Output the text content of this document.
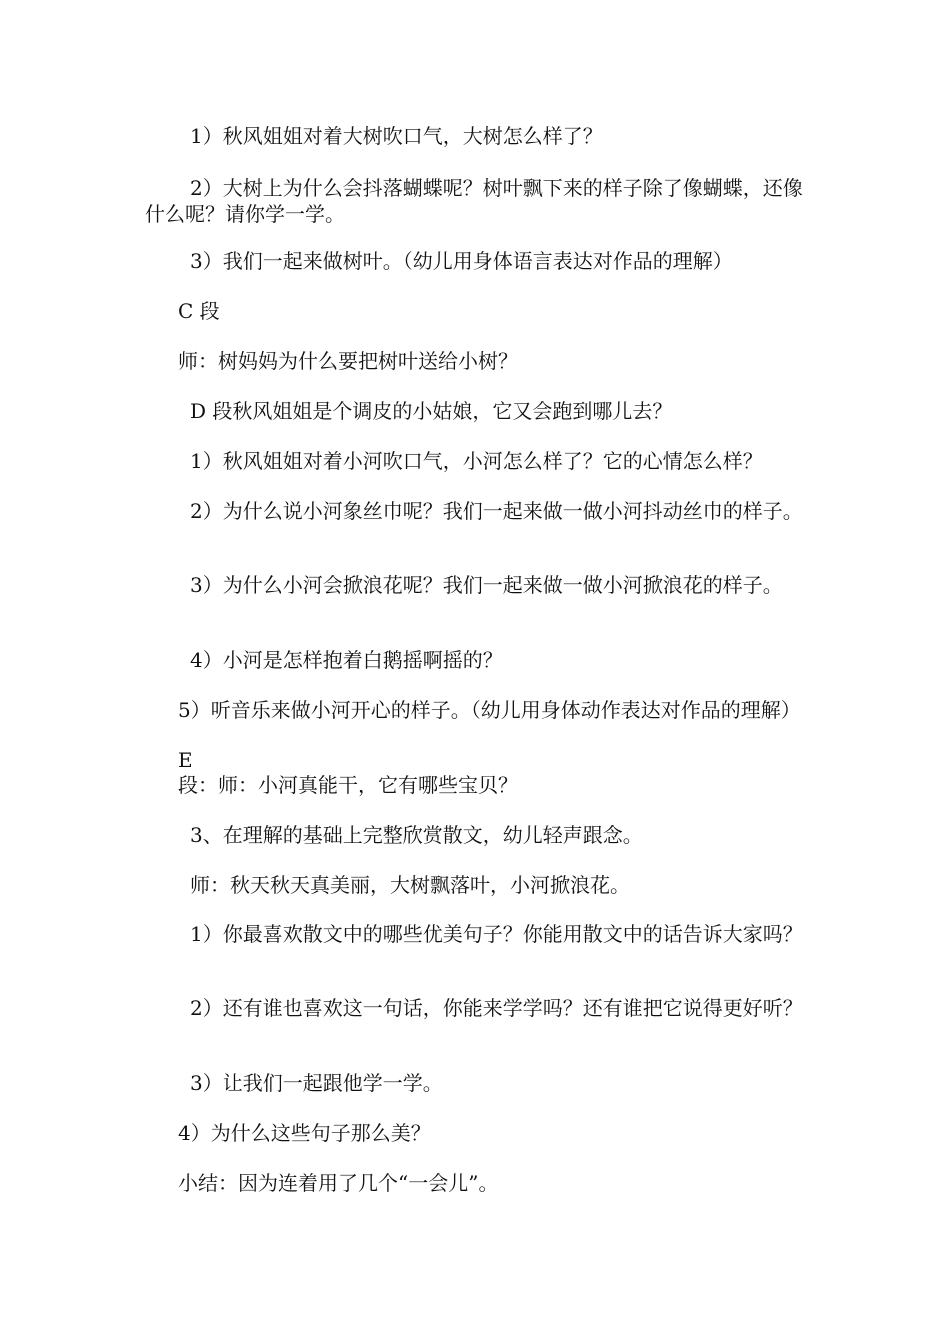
1）秋风姐姐对着大树吹口气，大树怎么样了？

2）大树上为什么会抖落蝴蝶呢？树叶飘下来的样子除了像蝴蝶，还像什么呢？请你学一学。

3）我们一起来做树叶。（幼儿用身体语言表达对作品的理解）

C 段

师：树妈妈为什么要把树叶送给小树？

D 段秋风姐姐是个调皮的小姑娘，它又会跑到哪儿去？

1）秋风姐姐对着小河吹口气，小河怎么样了？它的心情怎么样？

2）为什么说小河象丝巾呢？我们一起来做一做小河抖动丝巾的样子。

3）为什么小河会掀浪花呢？我们一起来做一做小河掀浪花的样子。

4）小河是怎样抱着白鹅摇啊摇的？

5）听音乐来做小河开心的样子。（幼儿用身体动作表达对作品的理解）

E

段：师：小河真能干，它有哪些宝贝？

3、在理解的基础上完整欣赏散文，幼儿轻声跟念。

师：秋天秋天真美丽，大树飘落叶，小河掀浪花。

1）你最喜欢散文中的哪些优美句子？你能用散文中的话告诉大家吗？

2）还有谁也喜欢这一句话，你能来学学吗？还有谁把它说得更好听？

3）让我们一起跟他学一学。

4）为什么这些句子那么美？

小结：因为连着用了几个“一会儿”。
